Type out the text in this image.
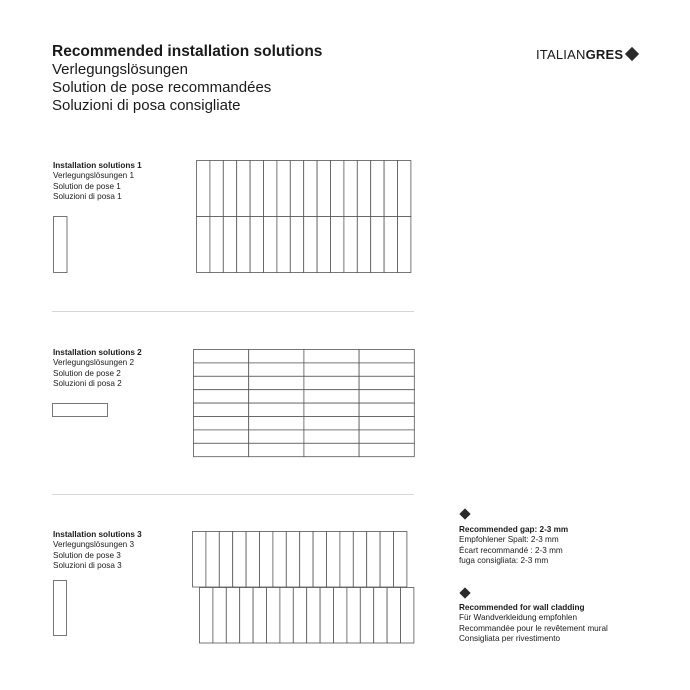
Recommended installation solutions
Verlegungslösungen
Solution de pose recommandées
Soluzioni di posa consigliate
ITALIAN GRES
Installation solutions 1
Verlegungslösungen 1
Solution de pose 1
Soluzioni di posa 1
Installation solutions 2
Verlegungslösungen 2
Solution de pose 2
Soluzioni di posa 2
Installation solutions 3
Verlegungslösungen 3
Solution de pose 3
Soluzioni di posa 3
Recommended gap: 2-3 mm
Empfohlener Spalt: 2-3 mm
Écart recommandé : 2-3 mm
fuga consigliata: 2-3 mm
Recommended for wall cladding
Für Wandverkleidung empfohlen
Recommandée pour le revêtement mural
Consigliata per rivestimento
